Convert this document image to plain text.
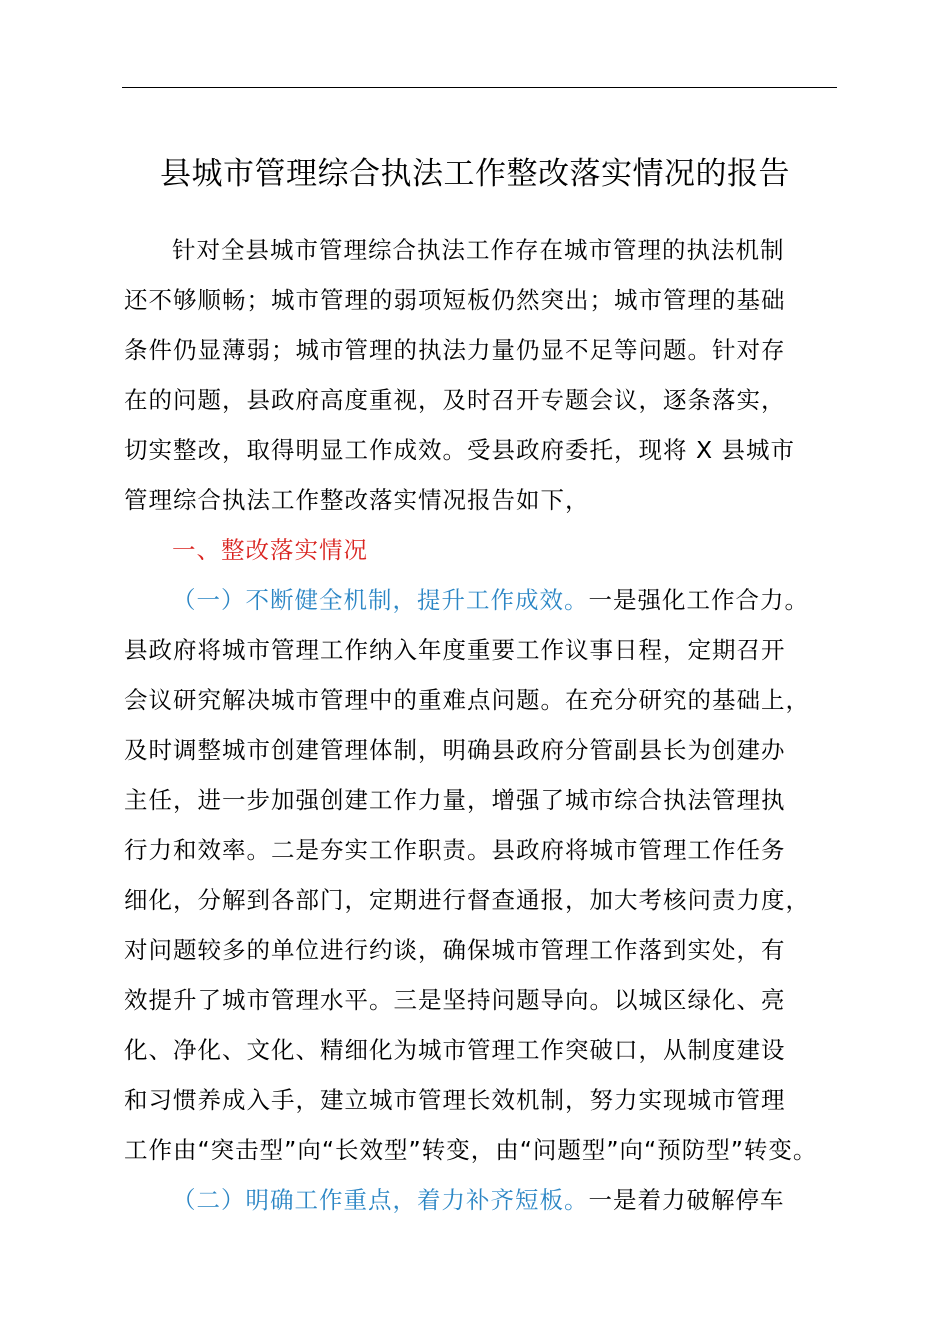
县城市管理综合执法工作整改落实情况的报告
针对全县城市管理综合执法工作存在城市管理的执法机制
还不够顺畅；城市管理的弱项短板仍然突出；城市管理的基础
条件仍显薄弱；城市管理的执法力量仍显不足等问题。针对存
在的问题，县政府高度重视，及时召开专题会议，逐条落实，
切实整改，取得明显工作成效。受县政府委托，现将 X 县城市
管理综合执法工作整改落实情况报告如下，
一、整改落实情况
（一）不断健全机制，提升工作成效。一是强化工作合力。
县政府将城市管理工作纳入年度重要工作议事日程，定期召开
会议研究解决城市管理中的重难点问题。在充分研究的基础上，
及时调整城市创建管理体制，明确县政府分管副县长为创建办
主任，进一步加强创建工作力量，增强了城市综合执法管理执
行力和效率。二是夯实工作职责。县政府将城市管理工作任务
细化，分解到各部门，定期进行督查通报，加大考核问责力度，
对问题较多的单位进行约谈，确保城市管理工作落到实处，有
效提升了城市管理水平。三是坚持问题导向。以城区绿化、亮
化、净化、文化、精细化为城市管理工作突破口，从制度建设
和习惯养成入手，建立城市管理长效机制，努力实现城市管理
工作由“突击型”向“长效型”转变，由“问题型”向“预防型”转变。
（二）明确工作重点，着力补齐短板。一是着力破解停车
